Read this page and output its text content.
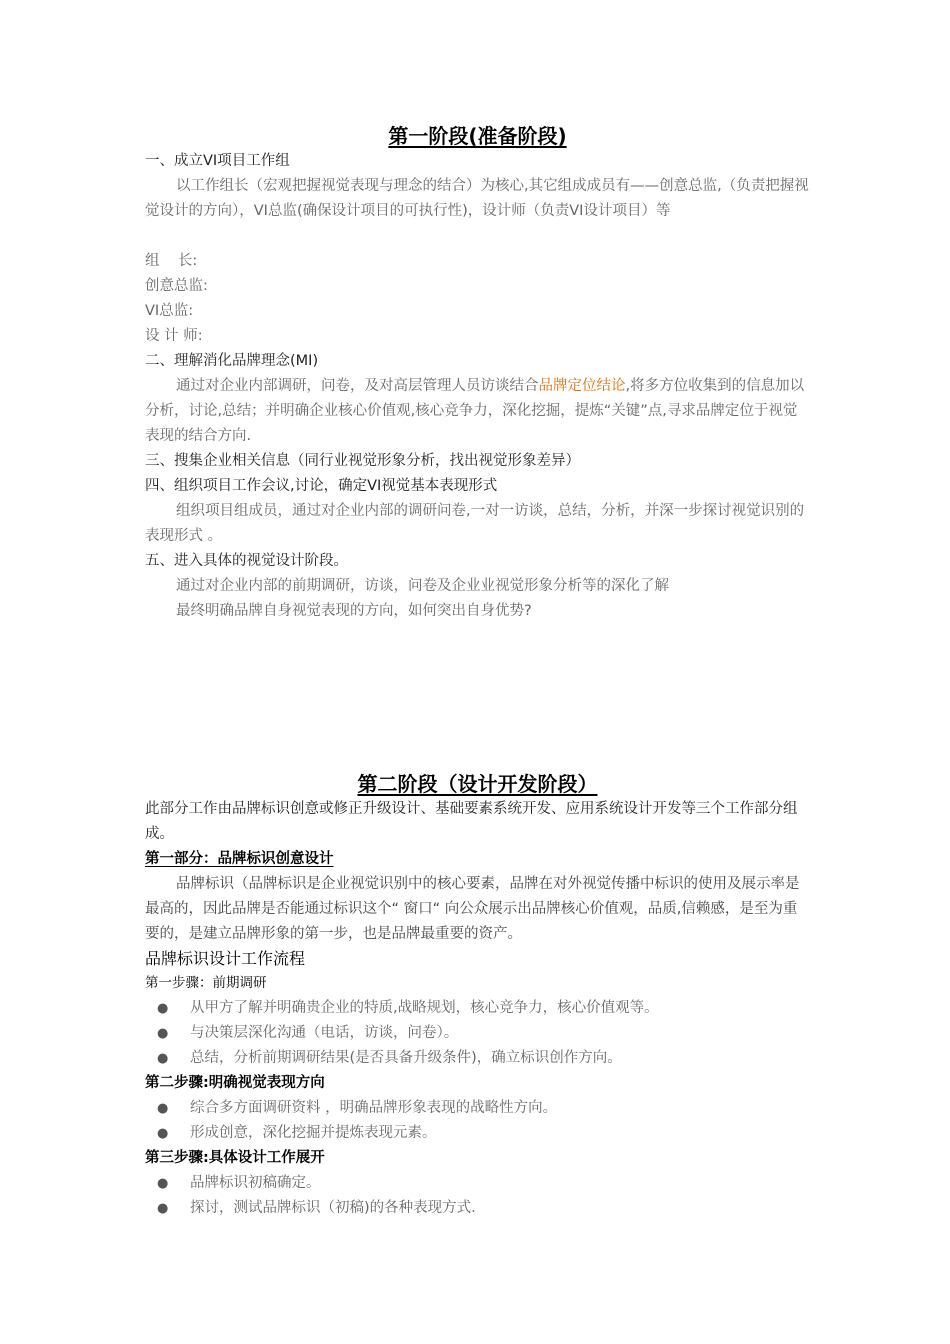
第一阶段(准备阶段)
一、成立VI项目工作组
以工作组长（宏观把握视觉表现与理念的结合）为核心,其它组成成员有——创意总监,（负责把握视觉设计的方向），VI总监(确保设计项目的可执行性)，设计师（负责VI设计项目）等
组    长:
创意总监:
VI总监:
设 计 师:
二、理解消化品牌理念(MI)
通过对企业内部调研，问卷，及对高层管理人员访谈结合品牌定位结论,将多方位收集到的信息加以分析，讨论,总结；并明确企业核心价值观,核心竞争力，深化挖掘，提炼“关键”点,寻求品牌定位于视觉表现的结合方向.
三、搜集企业相关信息（同行业视觉形象分析，找出视觉形象差异）
四、组织项目工作会议,讨论，确定VI视觉基本表现形式
组织项目组成员，通过对企业内部的调研问卷,一对一访谈，总结，分析，并深一步探讨视觉识别的表现形式 。
五、进入具体的视觉设计阶段。
通过对企业内部的前期调研，访谈，问卷及企业业视觉形象分析等的深化了解
最终明确品牌自身视觉表现的方向，如何突出自身优势?
第二阶段（设计开发阶段）
此部分工作由品牌标识创意或修正升级设计、基础要素系统开发、应用系统设计开发等三个工作部分组成。
第一部分：品牌标识创意设计
品牌标识（品牌标识是企业视觉识别中的核心要素，品牌在对外视觉传播中标识的使用及展示率是最高的，因此品牌是否能通过标识这个“ 窗口“ 向公众展示出品牌核心价值观，品质,信赖感，是至为重要的，是建立品牌形象的第一步，也是品牌最重要的资产。
品牌标识设计工作流程
第一步骤：前期调研
● 从甲方了解并明确贵企业的特质,战略规划，核心竞争力，核心价值观等。
● 与决策层深化沟通（电话，访谈，问卷）。
● 总结，分析前期调研结果(是否具备升级条件)，确立标识创作方向。
第二步骤:明确视觉表现方向
● 综合多方面调研资料 ，明确品牌形象表现的战略性方向。
● 形成创意，深化挖掘并提炼表现元素。
第三步骤:具体设计工作展开
● 品牌标识初稿确定。
● 探讨，测试品牌标识（初稿)的各种表现方式.
